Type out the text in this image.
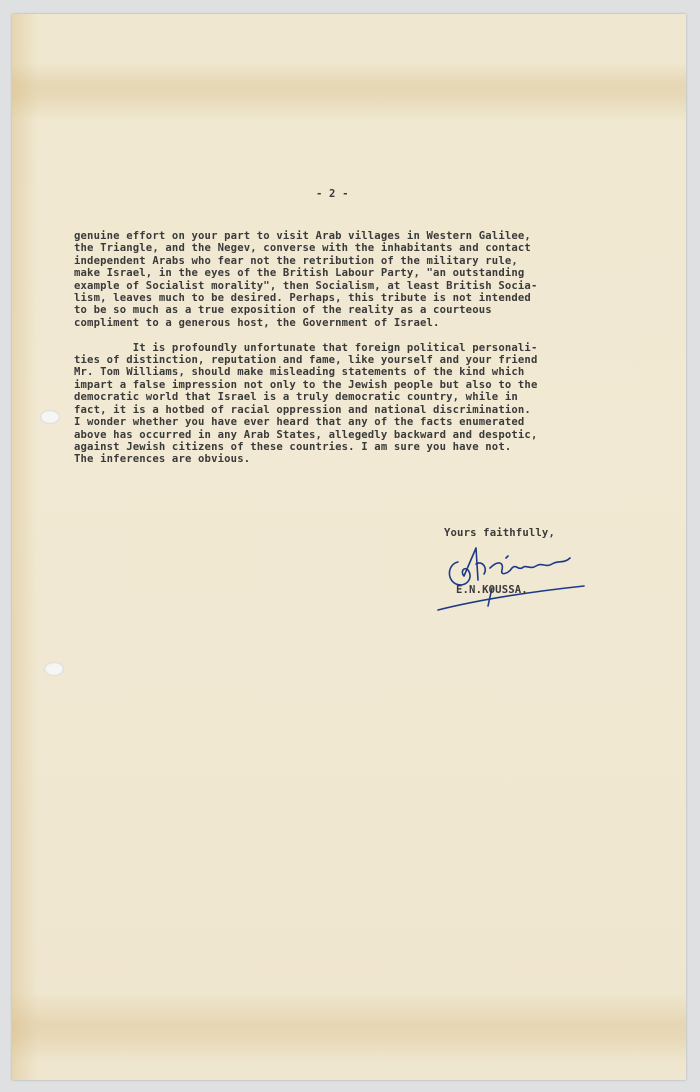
- 2 -

genuine effort on your part to visit Arab villages in Western Galilee,
the Triangle, and the Negev, converse with the inhabitants and contact
independent Arabs who fear not the retribution of the military rule,
make Israel, in the eyes of the British Labour Party, "an outstanding
example of Socialist morality", then Socialism, at least British Socia-
lism, leaves much to be desired. Perhaps, this tribute is not intended
to be so much as a true exposition of the reality as a courteous
compliment to a generous host, the Government of Israel.

It is profoundly unfortunate that foreign political personali-
ties of distinction, reputation and fame, like yourself and your friend
Mr. Tom Williams, should make misleading statements of the kind which
impart a false impression not only to the Jewish people but also to the
democratic world that Israel is a truly democratic country, while in
fact, it is a hotbed of racial oppression and national discrimination.
I wonder whether you have ever heard that any of the facts enumerated
above has occurred in any Arab States, allegedly backward and despotic,
against Jewish citizens of these countries. I am sure you have not.
The inferences are obvious.

Yours faithfully,

E.N.KOUSSA.
